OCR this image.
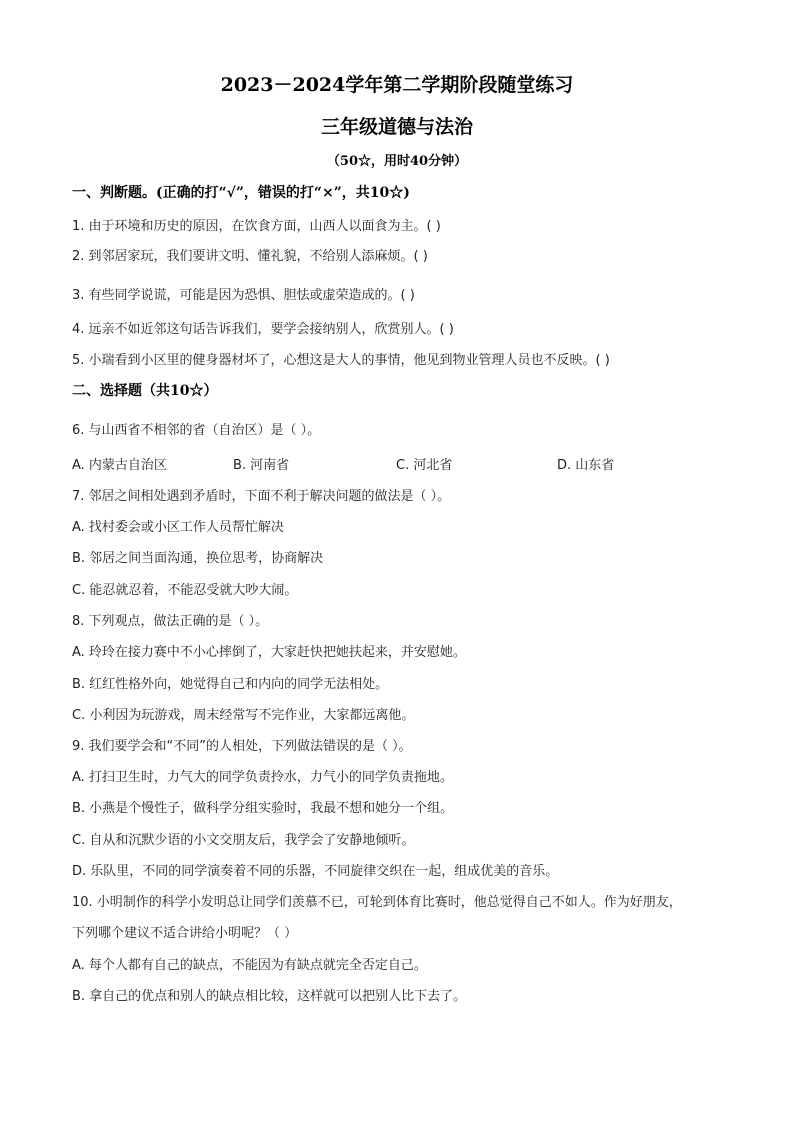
2023－2024学年第二学期阶段随堂练习
三年级道德与法治
（50☆，用时40分钟）
一、判断题。(正确的打“√”，错误的打“×”，共10☆)
1. 由于环境和历史的原因，在饮食方面，山西人以面食为主。( )
2. 到邻居家玩，我们要讲文明、懂礼貌，不给别人添麻烦。( )
3. 有些同学说谎，可能是因为恐惧、胆怯或虚荣造成的。( )
4. 远亲不如近邻这句话告诉我们，要学会接纳别人，欣赏别人。( )
5. 小瑞看到小区里的健身器材坏了，心想这是大人的事情，他见到物业管理人员也不反映。( )
二、选择题（共10☆）
6. 与山西省不相邻的省（自治区）是（ ）。
A. 内蒙古自治区	B. 河南省	C. 河北省	D. 山东省
7. 邻居之间相处遇到矛盾时，下面不利于解决问题的做法是（ ）。
A. 找村委会或小区工作人员帮忙解决
B. 邻居之间当面沟通，换位思考，协商解决
C. 能忍就忍着，不能忍受就大吵大闹。
8. 下列观点，做法正确的是（ ）。
A. 玲玲在接力赛中不小心摔倒了，大家赶快把她扶起来，并安慰她。
B. 红红性格外向，她觉得自己和内向的同学无法相处。
C. 小利因为玩游戏，周末经常写不完作业，大家都远离他。
9. 我们要学会和“不同”的人相处，下列做法错误的是（ ）。
A. 打扫卫生时，力气大的同学负责拎水，力气小的同学负责拖地。
B. 小燕是个慢性子，做科学分组实验时，我最不想和她分一个组。
C. 自从和沉默少语的小文交朋友后，我学会了安静地倾听。
D. 乐队里，不同的同学演奏着不同的乐器，不同旋律交织在一起，组成优美的音乐。
10. 小明制作的科学小发明总让同学们羡慕不已，可轮到体育比赛时，他总觉得自己不如人。作为好朋友，
下列哪个建议不适合讲给小明呢？（ ）
A. 每个人都有自己的缺点，不能因为有缺点就完全否定自己。
B. 拿自己的优点和别人的缺点相比较，这样就可以把别人比下去了。
